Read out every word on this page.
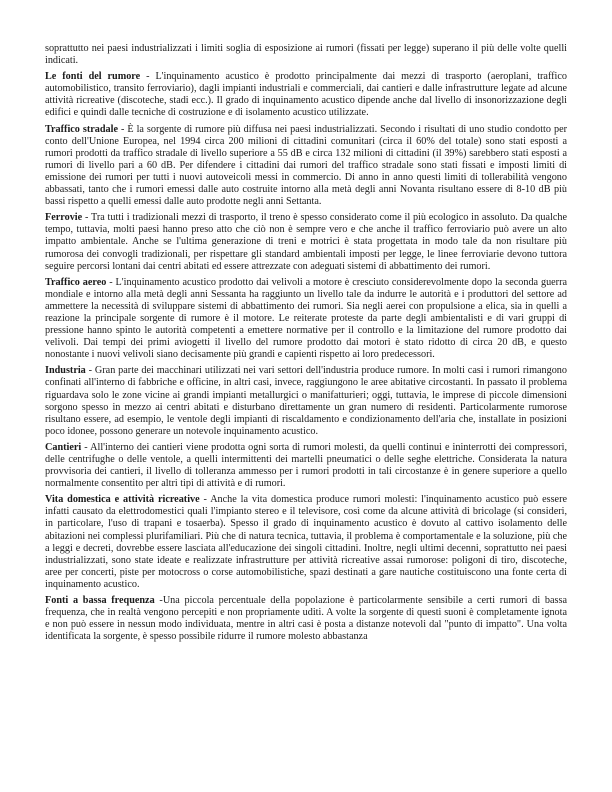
soprattutto nei paesi industrializzati i limiti soglia di esposizione ai rumori (fissati per legge) superano il più delle volte quelli indicati.

Le fonti del rumore - L'inquinamento acustico è prodotto principalmente dai mezzi di trasporto (aeroplani, traffico automobilistico, transito ferroviario), dagli impianti industriali e commerciali, dai cantieri e dalle infrastrutture legate ad alcune attività ricreative (discoteche, stadi ecc.). Il grado di inquinamento acustico dipende anche dal livello di insonorizzazione degli edifici e quindi dalle tecniche di costruzione e di isolamento acustico utilizzate.

Traffico stradale - È la sorgente di rumore più diffusa nei paesi industrializzati. Secondo i risultati di uno studio condotto per conto dell'Unione Europea, nel 1994 circa 200 milioni di cittadini comunitari (circa il 60% del totale) sono stati esposti a rumori prodotti da traffico stradale di livello superiore a 55 dB e circa 132 milioni di cittadini (il 39%) sarebbero stati esposti a rumori di livello pari a 60 dB. Per difendere i cittadini dai rumori del traffico stradale sono stati fissati e imposti limiti di emissione dei rumori per tutti i nuovi autoveicoli messi in commercio. Di anno in anno questi limiti di tollerabilità vengono abbassati, tanto che i rumori emessi dalle auto costruite intorno alla metà degli anni Novanta risultano essere di 8-10 dB più bassi rispetto a quelli emessi dalle auto prodotte negli anni Settanta.

Ferrovie - Tra tutti i tradizionali mezzi di trasporto, il treno è spesso considerato come il più ecologico in assoluto. Da qualche tempo, tuttavia, molti paesi hanno preso atto che ciò non è sempre vero e che anche il traffico ferroviario può avere un alto impatto ambientale. Anche se l'ultima generazione di treni e motrici è stata progettata in modo tale da non risultare più rumorosa dei convogli tradizionali, per rispettare gli standard ambientali imposti per legge, le linee ferroviarie devono tuttora seguire percorsi lontani dai centri abitati ed essere attrezzate con adeguati sistemi di abbattimento dei rumori.

Traffico aereo - L'inquinamento acustico prodotto dai velivoli a motore è cresciuto considerevolmente dopo la seconda guerra mondiale e intorno alla metà degli anni Sessanta ha raggiunto un livello tale da indurre le autorità e i produttori del settore ad ammettere la necessità di sviluppare sistemi di abbattimento dei rumori. Sia negli aerei con propulsione a elica, sia in quelli a reazione la principale sorgente di rumore è il motore. Le reiterate proteste da parte degli ambientalisti e di vari gruppi di pressione hanno spinto le autorità competenti a emettere normative per il controllo e la limitazione del rumore prodotto dai velivoli. Dai tempi dei primi aviogetti il livello del rumore prodotto dai motori è stato ridotto di circa 20 dB, e questo nonostante i nuovi velivoli siano decisamente più grandi e capienti rispetto ai loro predecessori.

Industria - Gran parte dei macchinari utilizzati nei vari settori dell'industria produce rumore. In molti casi i rumori rimangono confinati all'interno di fabbriche e officine, in altri casi, invece, raggiungono le aree abitative circostanti. In passato il problema riguardava solo le zone vicine ai grandi impianti metallurgici o manifatturieri; oggi, tuttavia, le imprese di piccole dimensioni sorgono spesso in mezzo ai centri abitati e disturbano direttamente un gran numero di residenti. Particolarmente rumorose risultano essere, ad esempio, le ventole degli impianti di riscaldamento e condizionamento dell'aria che, installate in posizioni poco idonee, possono generare un notevole inquinamento acustico.

Cantieri - All'interno dei cantieri viene prodotta ogni sorta di rumori molesti, da quelli continui e ininterrotti dei compressori, delle centrifughe o delle ventole, a quelli intermittenti dei martelli pneumatici o delle seghe elettriche. Considerata la natura provvisoria dei cantieri, il livello di tolleranza ammesso per i rumori prodotti in tali circostanze è in genere superiore a quello normalmente consentito per altri tipi di attività e di rumori.

Vita domestica e attività ricreative - Anche la vita domestica produce rumori molesti: l'inquinamento acustico può essere infatti causato da elettrodomestici quali l'impianto stereo e il televisore, così come da alcune attività di bricolage (si consideri, in particolare, l'uso di trapani e tosaerba). Spesso il grado di inquinamento acustico è dovuto al cattivo isolamento delle abitazioni nei complessi plurifamiliari. Più che di natura tecnica, tuttavia, il problema è comportamentale e la soluzione, più che a leggi e decreti, dovrebbe essere lasciata all'educazione dei singoli cittadini. Inoltre, negli ultimi decenni, soprattutto nei paesi industrializzati, sono state ideate e realizzate infrastrutture per attività ricreative assai rumorose: poligoni di tiro, discoteche, aree per concerti, piste per motocross o corse automobilistiche, spazi destinati a gare nautiche costituiscono una fonte certa di inquinamento acustico.

Fonti a bassa frequenza -Una piccola percentuale della popolazione è particolarmente sensibile a certi rumori di bassa frequenza, che in realtà vengono percepiti e non propriamente uditi. A volte la sorgente di questi suoni è completamente ignota e non può essere in nessun modo individuata, mentre in altri casi è posta a distanze notevoli dal "punto di impatto". Una volta identificata la sorgente, è spesso possibile ridurre il rumore molesto abbastanza
